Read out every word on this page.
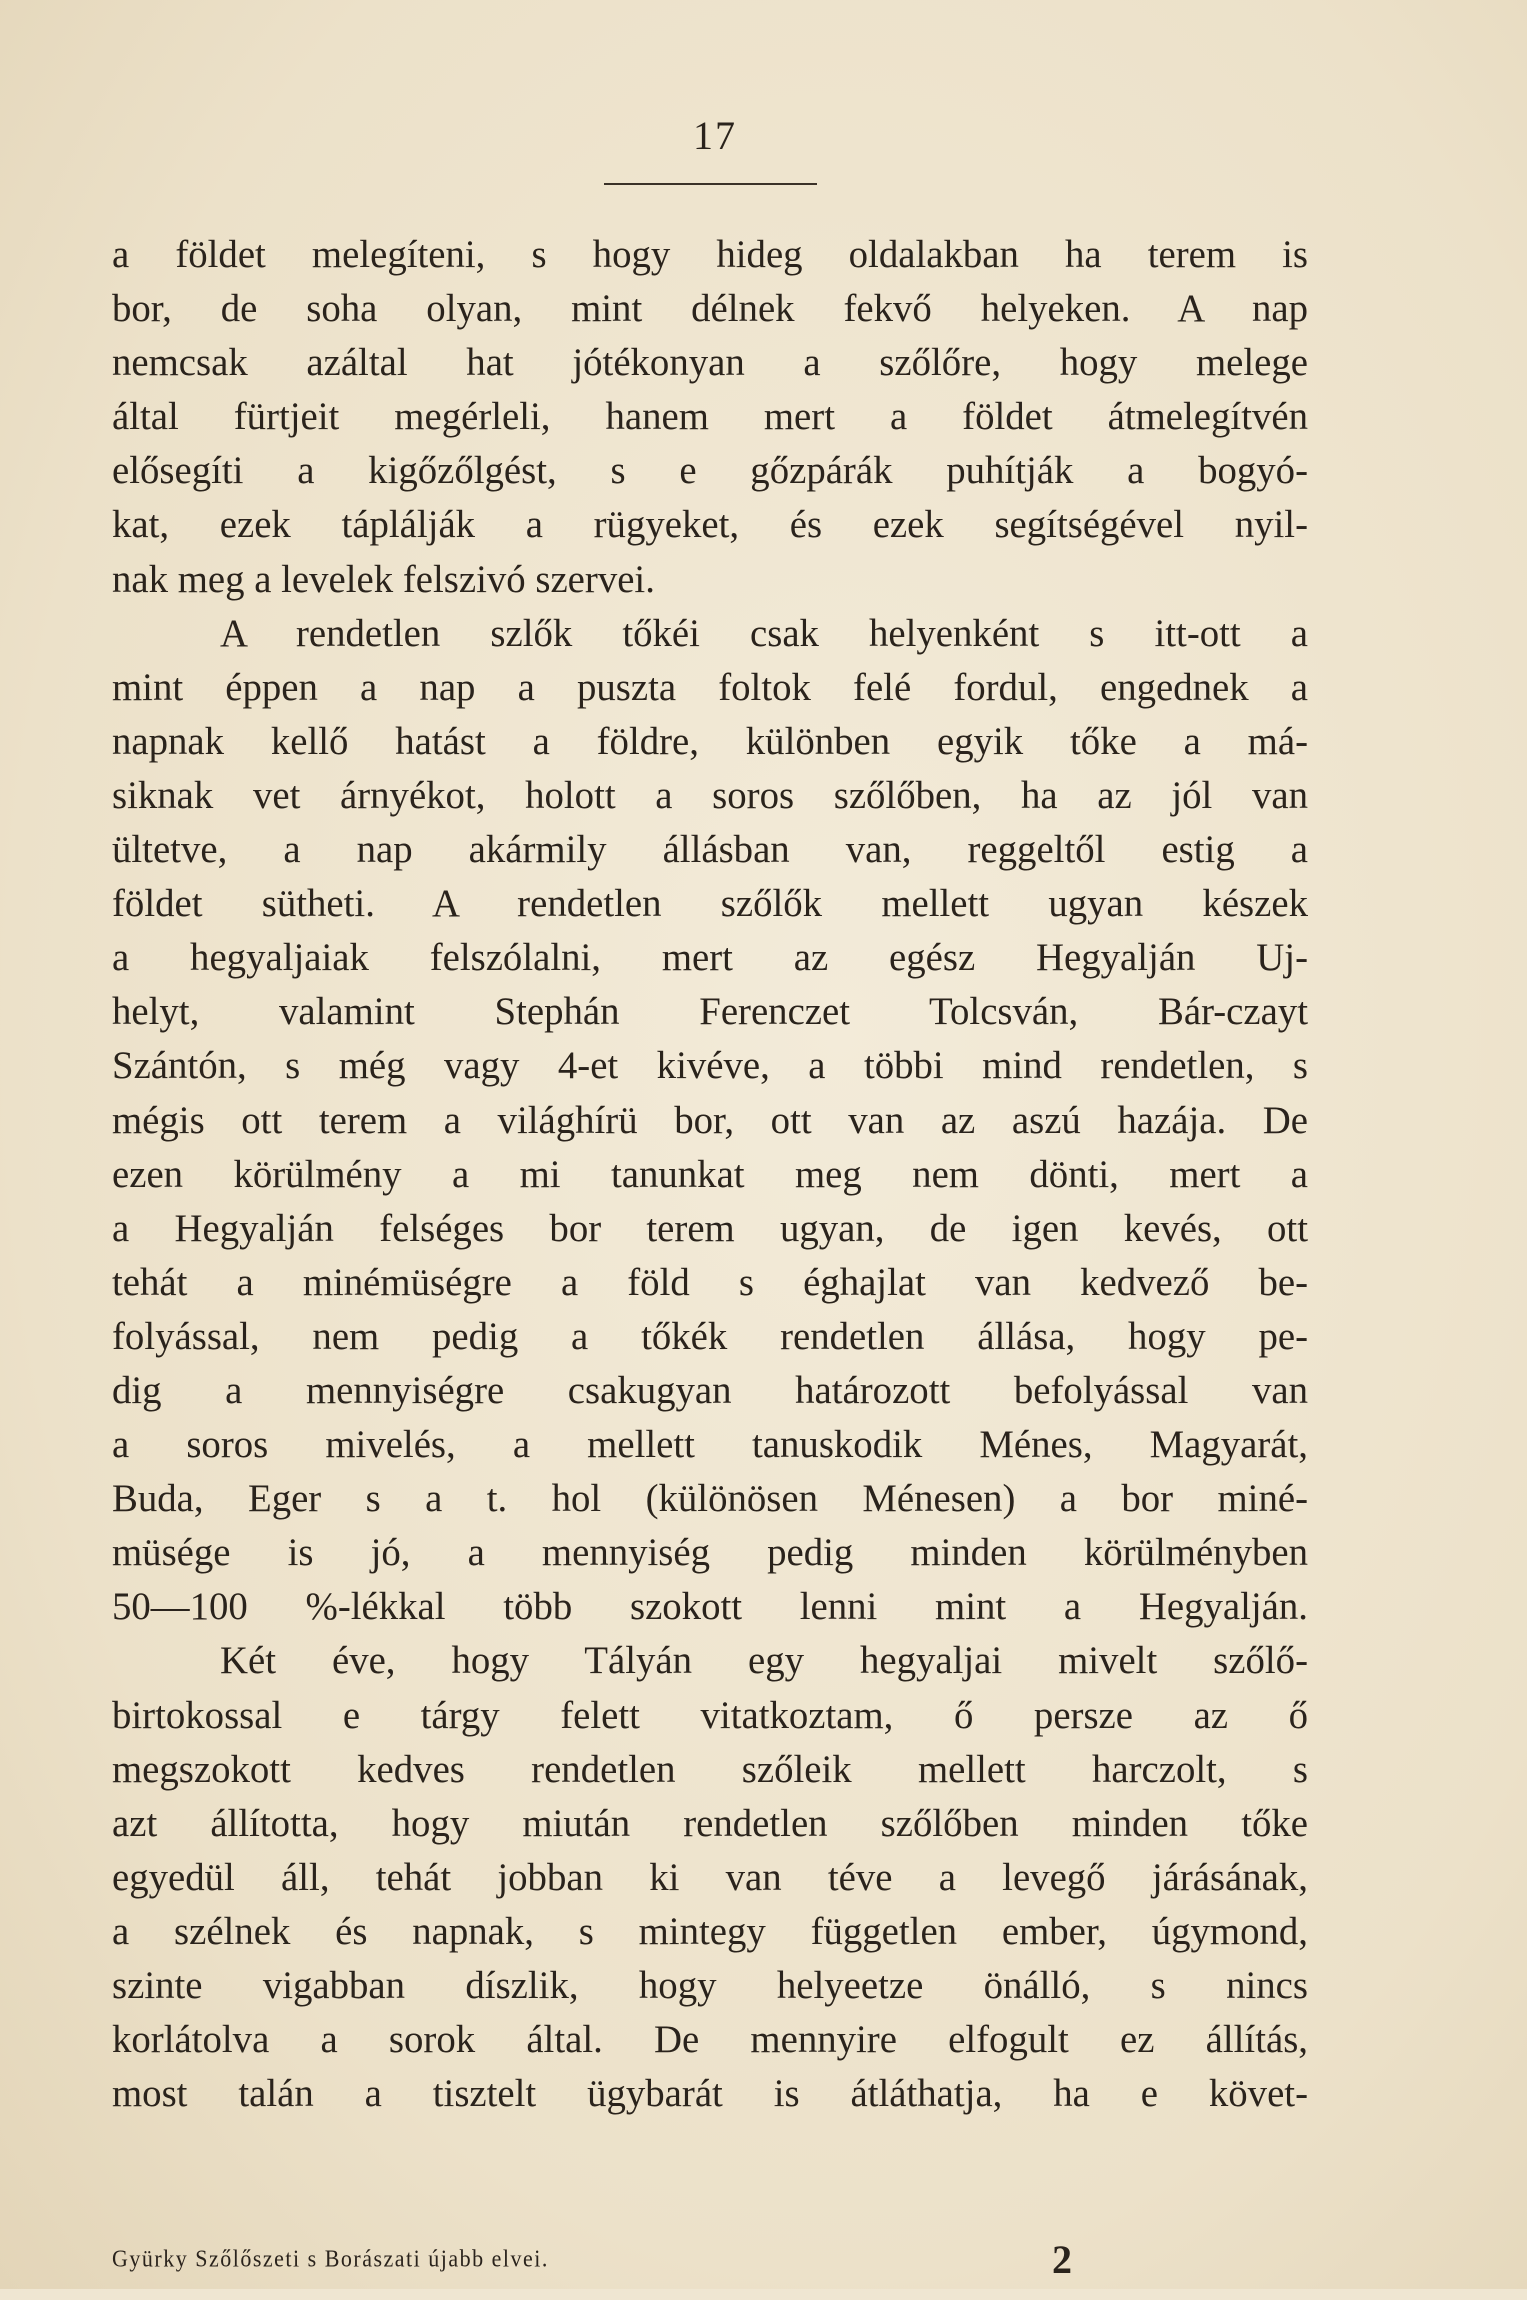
17
a földet melegíteni, s hogy hideg oldalakban ha terem is
bor, de soha olyan, mint délnek fekvő helyeken. A nap
nemcsak azáltal hat jótékonyan a szőlőre, hogy melege
által fürtjeit megérleli, hanem mert a földet átmelegítvén
elősegíti a kigőzőlgést, s e gőzpárák puhítják a bogyó-
kat, ezek táplálják a rügyeket, és ezek segítségével nyil-
nak meg a levelek felszivó szervei.
A rendetlen szlők tőkéi csak helyenként s itt-ott a
mint éppen a nap a puszta foltok felé fordul, engednek a
napnak kellő hatást a földre, különben egyik tőke a má-
siknak vet árnyékot, holott a soros szőlőben, ha az jól van
ültetve, a nap akármily állásban van, reggeltől estig a
földet sütheti. A rendetlen szőlők mellett ugyan készek
a hegyaljaiak felszólalni, mert az egész Hegyalján Uj-
helyt, valamint Stephán Ferenczet Tolcsván, Bár-czayt
Szántón, s még vagy 4-et kivéve, a többi mind rendetlen, s
mégis ott terem a világhírü bor, ott van az aszú hazája. De
ezen körülmény a mi tanunkat meg nem dönti, mert a
a Hegyalján felséges bor terem ugyan, de igen kevés, ott
tehát a minémüségre a föld s éghajlat van kedvező be-
folyással, nem pedig a tőkék rendetlen állása, hogy pe-
dig a mennyiségre csakugyan határozott befolyással van
a soros mivelés, a mellett tanuskodik Ménes, Magyarát,
Buda, Eger s a t. hol (különösen Ménesen) a bor miné-
müsége is jó, a mennyiség pedig minden körülményben
50—100 %-lékkal több szokott lenni mint a Hegyalján.
Két éve, hogy Tályán egy hegyaljai mivelt szőlő-
birtokossal e tárgy felett vitatkoztam, ő persze az ő
megszokott kedves rendetlen szőleik mellett harczolt, s
azt állította, hogy miután rendetlen szőlőben minden tőke
egyedül áll, tehát jobban ki van téve a levegő járásának,
a szélnek és napnak, s mintegy független ember, úgymond,
szinte vigabban díszlik, hogy helyeetze önálló, s nincs
korlátolva a sorok által. De mennyire elfogult ez állítás,
most talán a tisztelt ügybarát is átláthatja, ha e követ-
Gyürky Szőlőszeti s Borászati újabb elvei.	2
